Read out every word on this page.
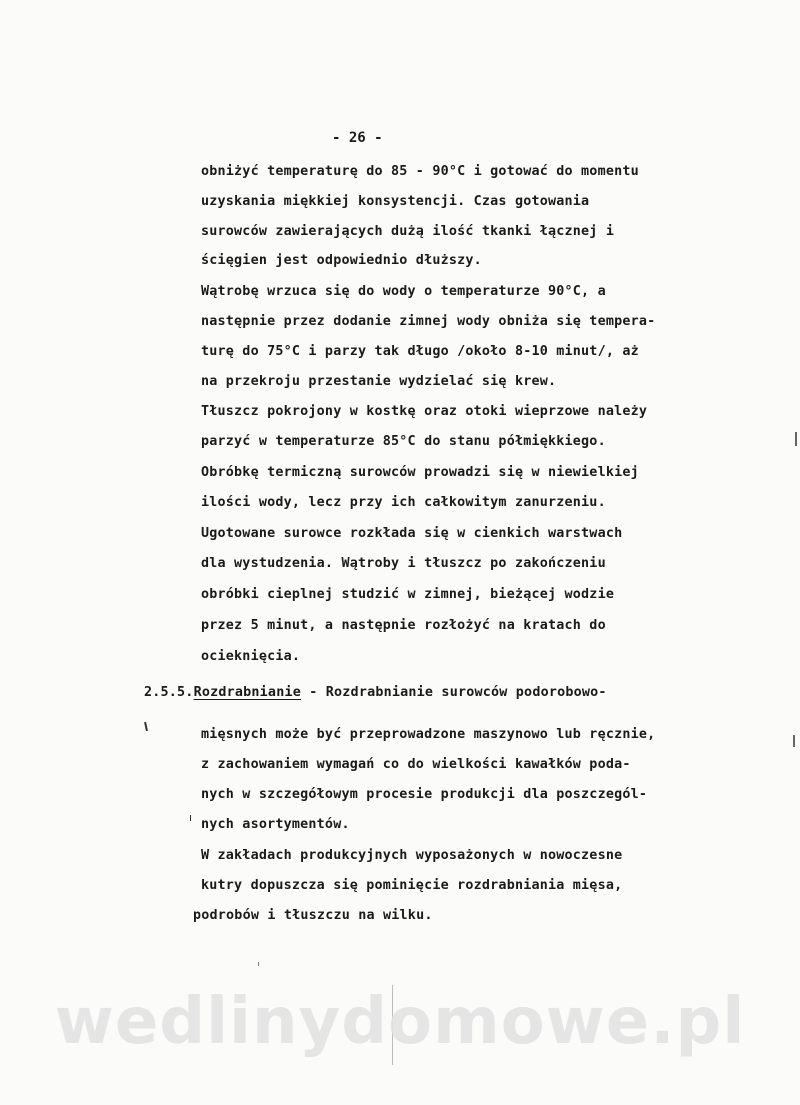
- 26 -
obniżyć temperaturę do 85 - 90°C i gotować do momentu
uzyskania miękkiej konsystencji. Czas gotowania
surowców zawierających dużą ilość tkanki łącznej i
ścięgien jest odpowiednio dłuższy.
Wątrobę wrzuca się do wody o temperaturze 90°C, a
następnie przez dodanie zimnej wody obniża się tempera-
turę do 75°C i parzy tak długo /około 8-10 minut/, aż
na przekroju przestanie wydzielać się krew.
Tłuszcz pokrojony w kostkę oraz otoki wieprzowe należy
parzyć w temperaturze 85°C do stanu półmiękkiego.
Obróbkę termiczną surowców prowadzi się w niewielkiej
ilości wody, lecz przy ich całkowitym zanurzeniu.
Ugotowane surowce rozkłada się w cienkich warstwach
dla wystudzenia. Wątroby i tłuszcz po zakończeniu
obróbki cieplnej studzić w zimnej, bieżącej wodzie
przez 5 minut, a następnie rozłożyć na kratach do
ocieknięcia.
2.5.5.Rozdrabnianie - Rozdrabnianie surowców podorobowo-
mięsnych może być przeprowadzone maszynowo lub ręcznie,
z zachowaniem wymagań co do wielkości kawałków poda-
nych w szczegółowym procesie produkcji dla poszczegól-
nych asortymentów.
W zakładach produkcyjnych wyposażonych w nowoczesne
kutry dopuszcza się pominięcie rozdrabniania mięsa,
podrobów i tłuszczu na wilku.
wedlinydomowe.pl
